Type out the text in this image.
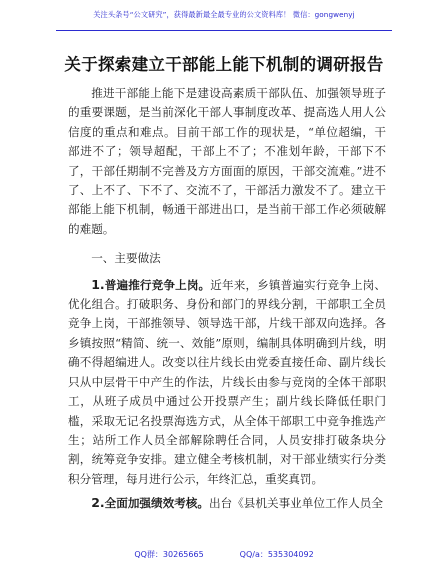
关注头条号“公文研究”，获得最新最全最专业的公文资料库！ 微信：gongwenyj
关于探索建立干部能上能下机制的调研报告

推进干部能上能下是建设高素质干部队伍、加强领导班子的重要课题，是当前深化干部人事制度改革、提高选人用人公信度的重点和难点。目前干部工作的现状是，“单位超编，干部进不了；领导超配，干部上不了；不准划年龄，干部下不了，干部任期制不完善及方方面面的原因，干部交流难。”进不了、上不了、下不了、交流不了，干部活力激发不了。建立干部能上能下机制，畅通干部进出口，是当前干部工作必须破解的难题。

一、主要做法

1.普遍推行竞争上岗。近年来，乡镇普遍实行竞争上岗、优化组合。打破职务、身份和部门的界线分割，干部职工全员竞争上岗，干部推领导、领导选干部，片线干部双向选择。各乡镇按照“精简、统一、效能”原则，编制具体明确到片线，明确不得超编进人。改变以往片线长由党委直接任命、副片线长只从中层骨干中产生的作法，片线长由参与竞岗的全体干部职工，从班子成员中通过公开投票产生；副片线长降低任职门槛，采取无记名投票海选方式，从全体干部职工中竞争推选产生；站所工作人员全部解除聘任合同，人员安排打破条块分割，统筹竞争安排。建立健全考核机制，对干部业绩实行分类积分管理，每月进行公示，年终汇总，重奖真罚。

2.全面加强绩效考核。出台《县机关事业单位工作人员全

QQ群：30265665	QQ/a：535304092
